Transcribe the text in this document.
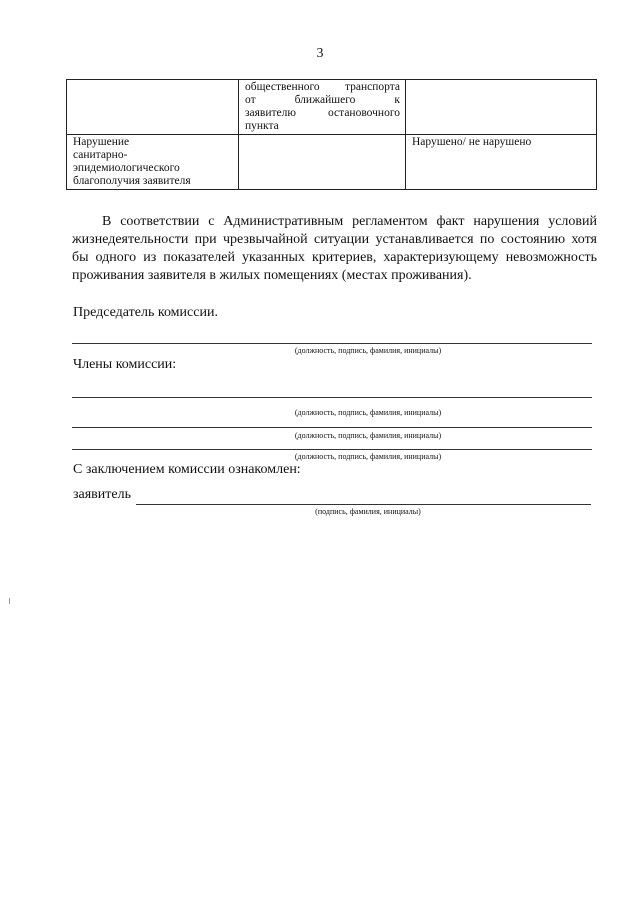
3

	общественного транспорта
от ближайшего к
заявителю остановочного
пункта	

Нарушение
санитарно-
эпидемиологического
благополучия заявителя		Нарушено/ не нарушено
В соответствии с Административным регламентом факт нарушения условий жизнедеятельности при чрезвычайной ситуации устанавливается по состоянию хотя бы одного из показателей указанных критериев, характеризующему невозможность проживания заявителя в жилых помещениях (местах проживания).
Председатель комиссии.
(должность, подпись, фамилия, инициалы)
Члены комиссии:
(должность, подпись, фамилия, инициалы)
(должность, подпись, фамилия, инициалы)
(должность, подпись, фамилия, инициалы)
С заключением комиссии ознакомлен:
заявитель
(подпись, фамилия, инициалы)
